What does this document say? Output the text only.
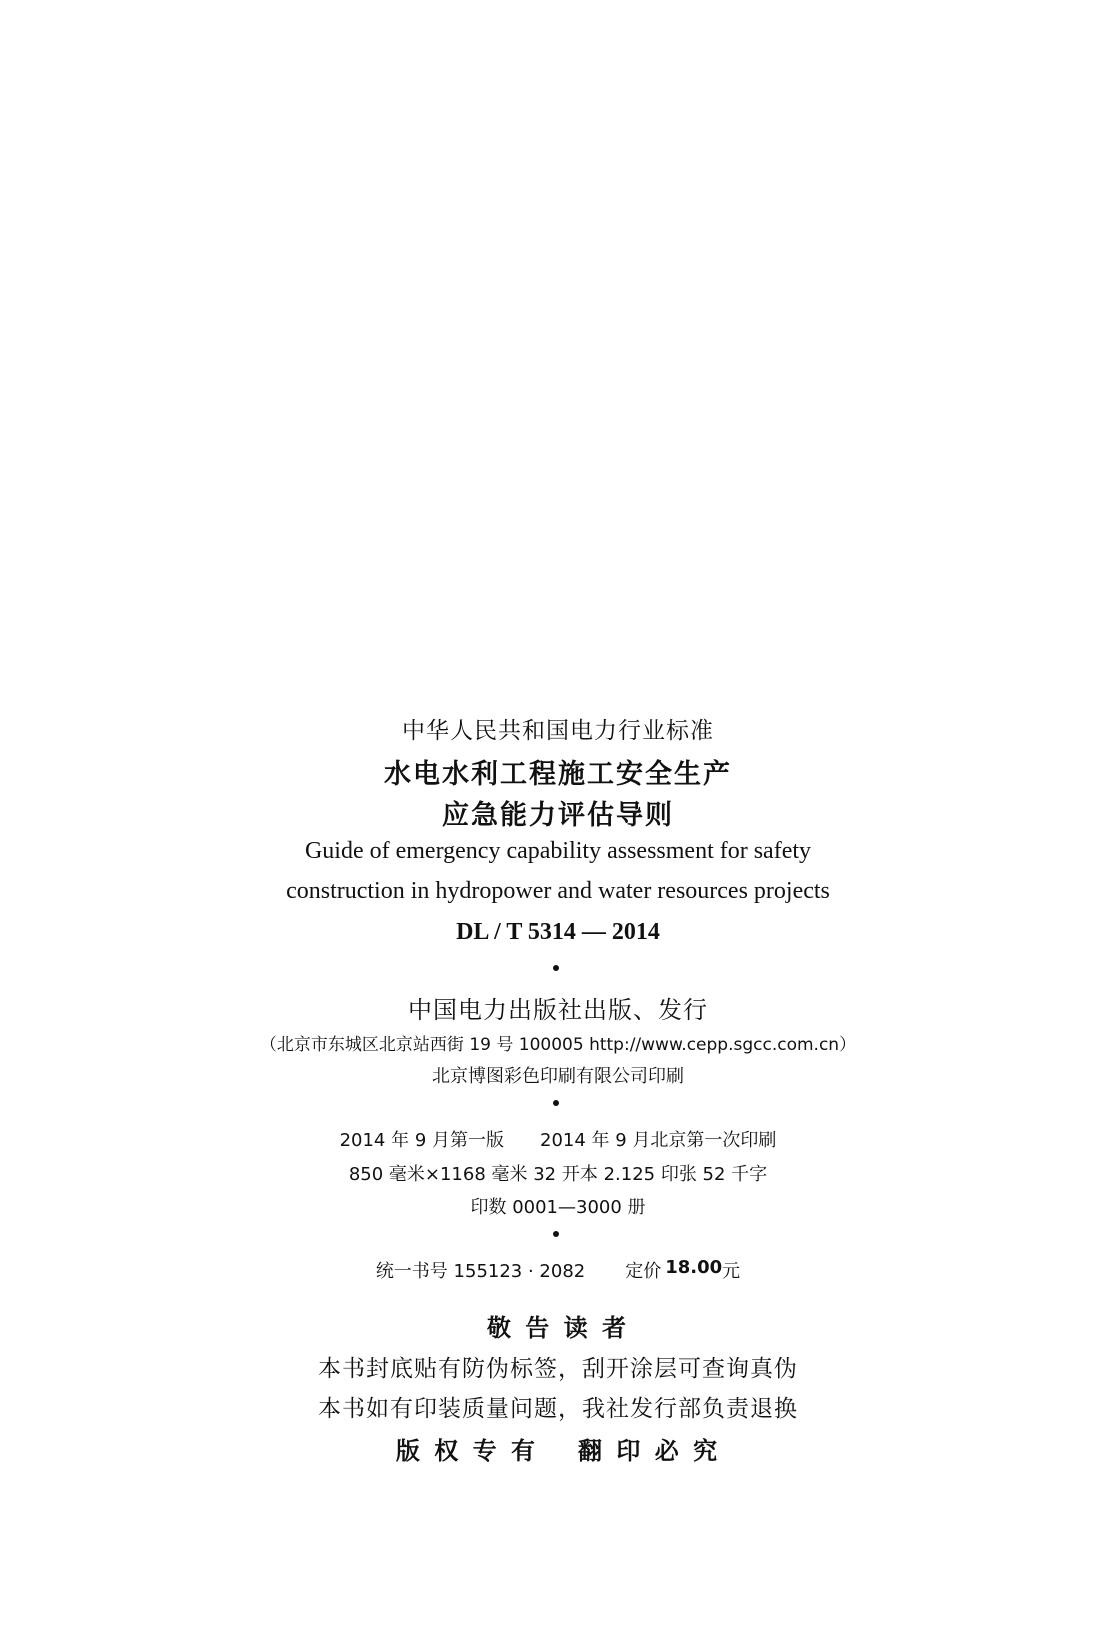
中华人民共和国电力行业标准
水电水利工程施工安全生产
应急能力评估导则
Guide of emergency capability assessment for safety
construction in hydropower and water resources projects
DL / T 5314 — 2014
中国电力出版社出版、发行
（北京市东城区北京站西街 19 号 100005 http://www.cepp.sgcc.com.cn）
北京博图彩色印刷有限公司印刷
2014 年 9 月第一版 2014 年 9 月北京第一次印刷
850 毫米×1168 毫米 32 开本 2.125 印张 52 千字
印数 0001—3000 册
统一书号 155123 · 2082 定价 18.00 元
敬 告 读 者
本书封底贴有防伪标签，刮开涂层可查询真伪
本书如有印装质量问题，我社发行部负责退换
版 权 专 有 翻 印 必 究
